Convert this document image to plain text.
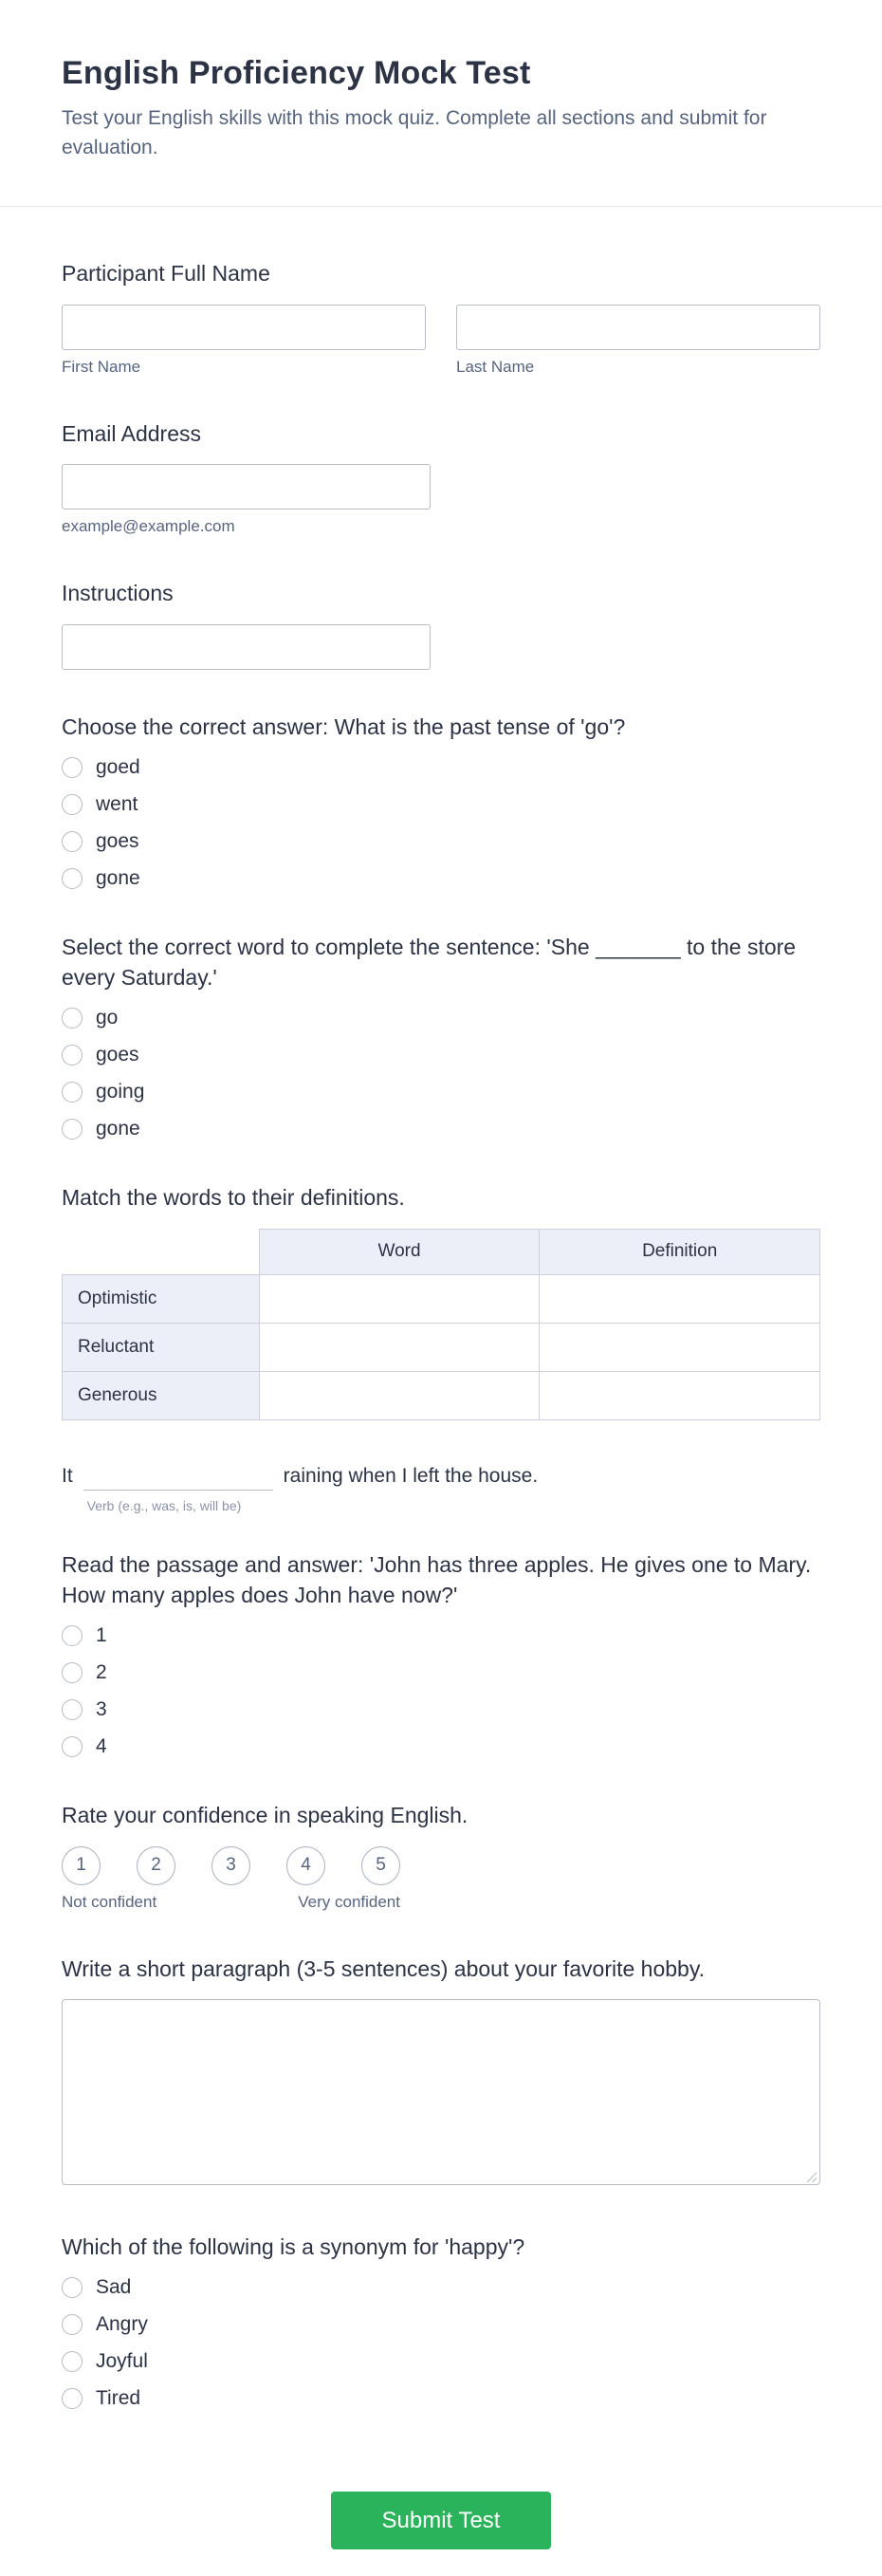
English Proficiency Mock Test

Test your English skills with this mock quiz. Complete all sections and submit for evaluation.

Participant Full Name
First Name	Last Name
Email Address
example@example.com
Instructions
Choose the correct answer: What is the past tense of 'go'?
goed
went
goes
gone
Select the correct word to complete the sentence: 'She _______ to the store every Saturday.'
go
goes
going
gone
Match the words to their definitions.
	Word	Definition
Optimistic		
Reluctant		
Generous		
It
Verb (e.g., was, is, will be)
raining when I left the house.
Read the passage and answer: 'John has three apples. He gives one to Mary. How many apples does John have now?'
1
2
3
4
Rate your confidence in speaking English.
1	2	3	4	5
Not confident	Very confident
Write a short paragraph (3-5 sentences) about your favorite hobby.
Which of the following is a synonym for 'happy'?
Sad
Angry
Joyful
Tired
Submit Test
